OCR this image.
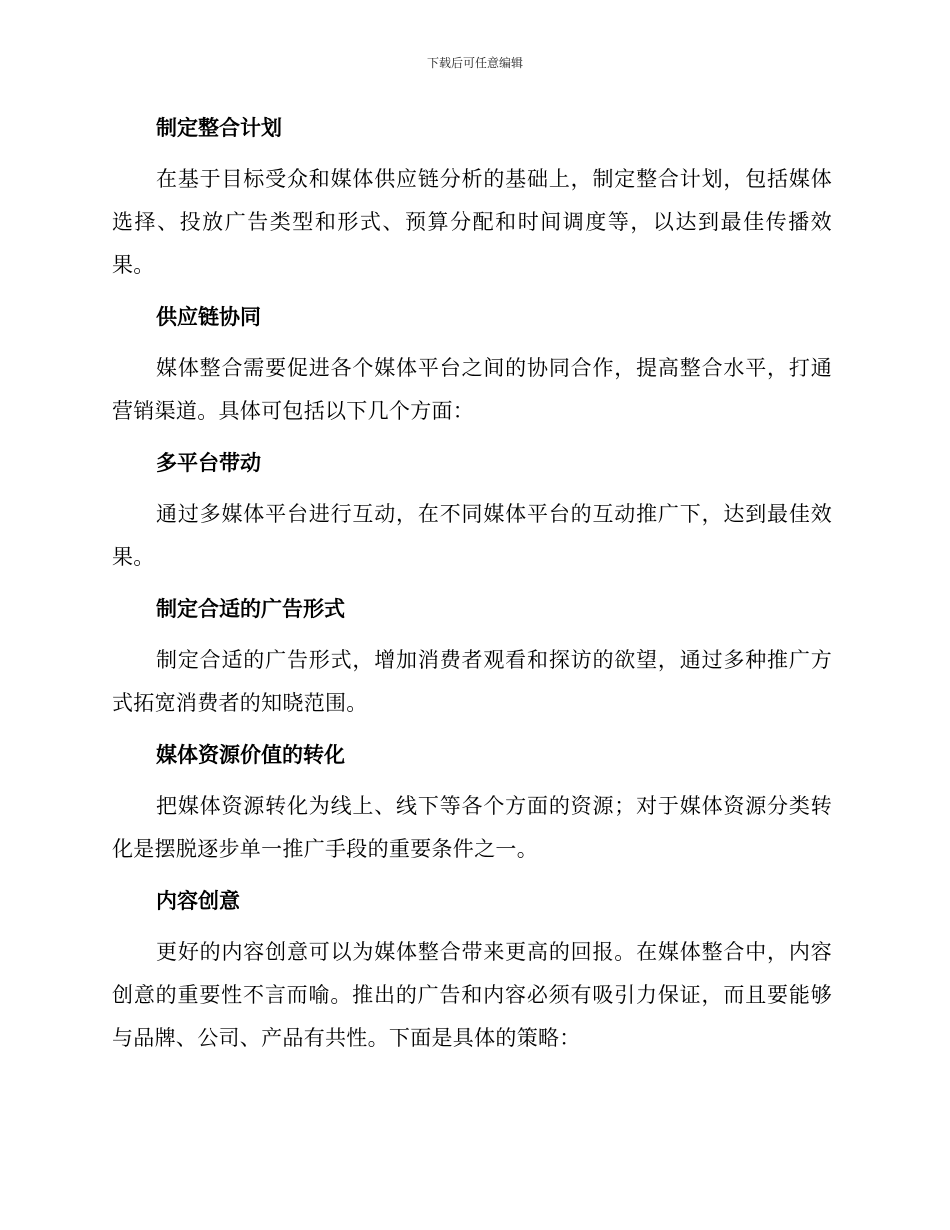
下载后可任意编辑
制定整合计划

在基于目标受众和媒体供应链分析的基础上，制定整合计划，包括媒体选择、投放广告类型和形式、预算分配和时间调度等，以达到最佳传播效果。

供应链协同

媒体整合需要促进各个媒体平台之间的协同合作，提高整合水平，打通营销渠道。具体可包括以下几个方面：

多平台带动

通过多媒体平台进行互动，在不同媒体平台的互动推广下，达到最佳效果。

制定合适的广告形式

制定合适的广告形式，增加消费者观看和探访的欲望，通过多种推广方式拓宽消费者的知晓范围。

媒体资源价值的转化

把媒体资源转化为线上、线下等各个方面的资源；对于媒体资源分类转化是摆脱逐步单一推广手段的重要条件之一。

内容创意

更好的内容创意可以为媒体整合带来更高的回报。在媒体整合中，内容创意的重要性不言而喻。推出的广告和内容必须有吸引力保证，而且要能够与品牌、公司、产品有共性。下面是具体的策略：
